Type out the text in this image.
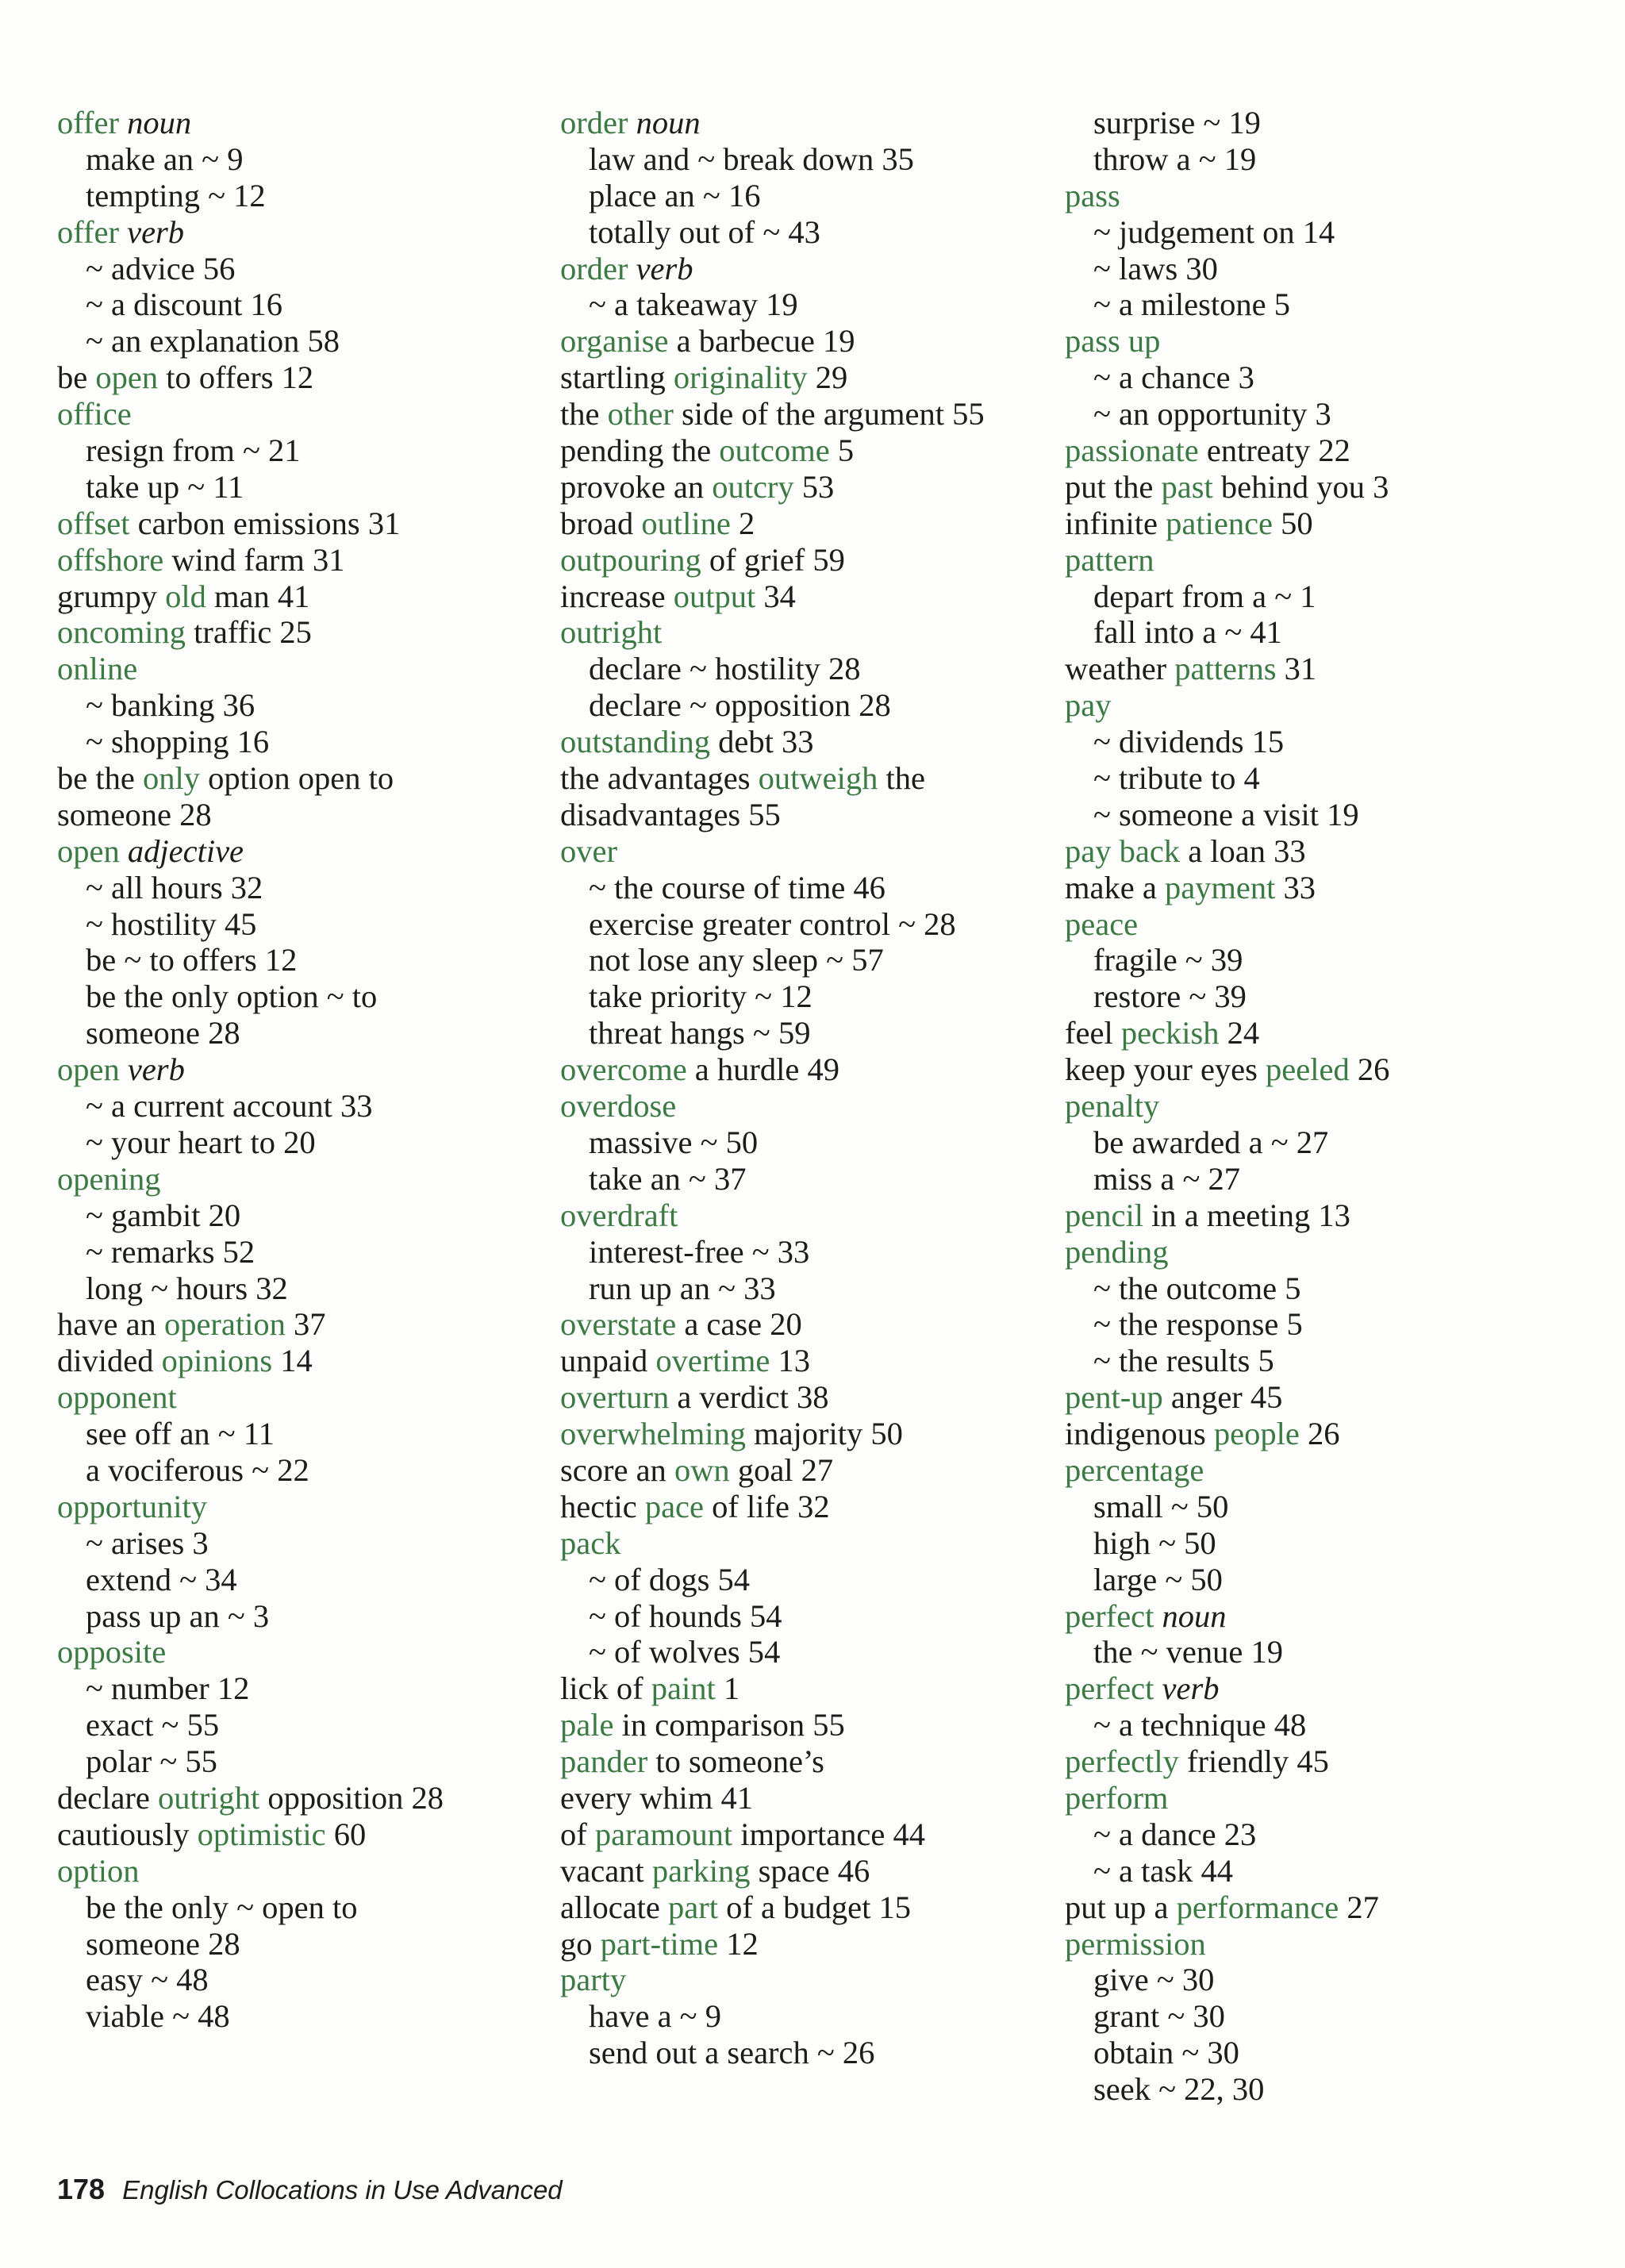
offer noun
make an ~ 9
tempting ~ 12
offer verb
~ advice 56
~ a discount 16
~ an explanation 58
be open to offers 12
office
resign from ~ 21
take up ~ 11
offset carbon emissions 31
offshore wind farm 31
grumpy old man 41
oncoming traffic 25
online
~ banking 36
~ shopping 16
be the only option open to
someone 28
open adjective
~ all hours 32
~ hostility 45
be ~ to offers 12
be the only option ~ to
someone 28
open verb
~ a current account 33
~ your heart to 20
opening
~ gambit 20
~ remarks 52
long ~ hours 32
have an operation 37
divided opinions 14
opponent
see off an ~ 11
a vociferous ~ 22
opportunity
~ arises 3
extend ~ 34
pass up an ~ 3
opposite
~ number 12
exact ~ 55
polar ~ 55
declare outright opposition 28
cautiously optimistic 60
option
be the only ~ open to
someone 28
easy ~ 48
viable ~ 48
order noun
law and ~ break down 35
place an ~ 16
totally out of ~ 43
order verb
~ a takeaway 19
organise a barbecue 19
startling originality 29
the other side of the argument 55
pending the outcome 5
provoke an outcry 53
broad outline 2
outpouring of grief 59
increase output 34
outright
declare ~ hostility 28
declare ~ opposition 28
outstanding debt 33
the advantages outweigh the
disadvantages 55
over
~ the course of time 46
exercise greater control ~ 28
not lose any sleep ~ 57
take priority ~ 12
threat hangs ~ 59
overcome a hurdle 49
overdose
massive ~ 50
take an ~ 37
overdraft
interest-free ~ 33
run up an ~ 33
overstate a case 20
unpaid overtime 13
overturn a verdict 38
overwhelming majority 50
score an own goal 27
hectic pace of life 32
pack
~ of dogs 54
~ of hounds 54
~ of wolves 54
lick of paint 1
pale in comparison 55
pander to someone’s
every whim 41
of paramount importance 44
vacant parking space 46
allocate part of a budget 15
go part-time 12
party
have a ~ 9
send out a search ~ 26
surprise ~ 19
throw a ~ 19
pass
~ judgement on 14
~ laws 30
~ a milestone 5
pass up
~ a chance 3
~ an opportunity 3
passionate entreaty 22
put the past behind you 3
infinite patience 50
pattern
depart from a ~ 1
fall into a ~ 41
weather patterns 31
pay
~ dividends 15
~ tribute to 4
~ someone a visit 19
pay back a loan 33
make a payment 33
peace
fragile ~ 39
restore ~ 39
feel peckish 24
keep your eyes peeled 26
penalty
be awarded a ~ 27
miss a ~ 27
pencil in a meeting 13
pending
~ the outcome 5
~ the response 5
~ the results 5
pent-up anger 45
indigenous people 26
percentage
small ~ 50
high ~ 50
large ~ 50
perfect noun
the ~ venue 19
perfect verb
~ a technique 48
perfectly friendly 45
perform
~ a dance 23
~ a task 44
put up a performance 27
permission
give ~ 30
grant ~ 30
obtain ~ 30
seek ~ 22, 30
178 English Collocations in Use Advanced
